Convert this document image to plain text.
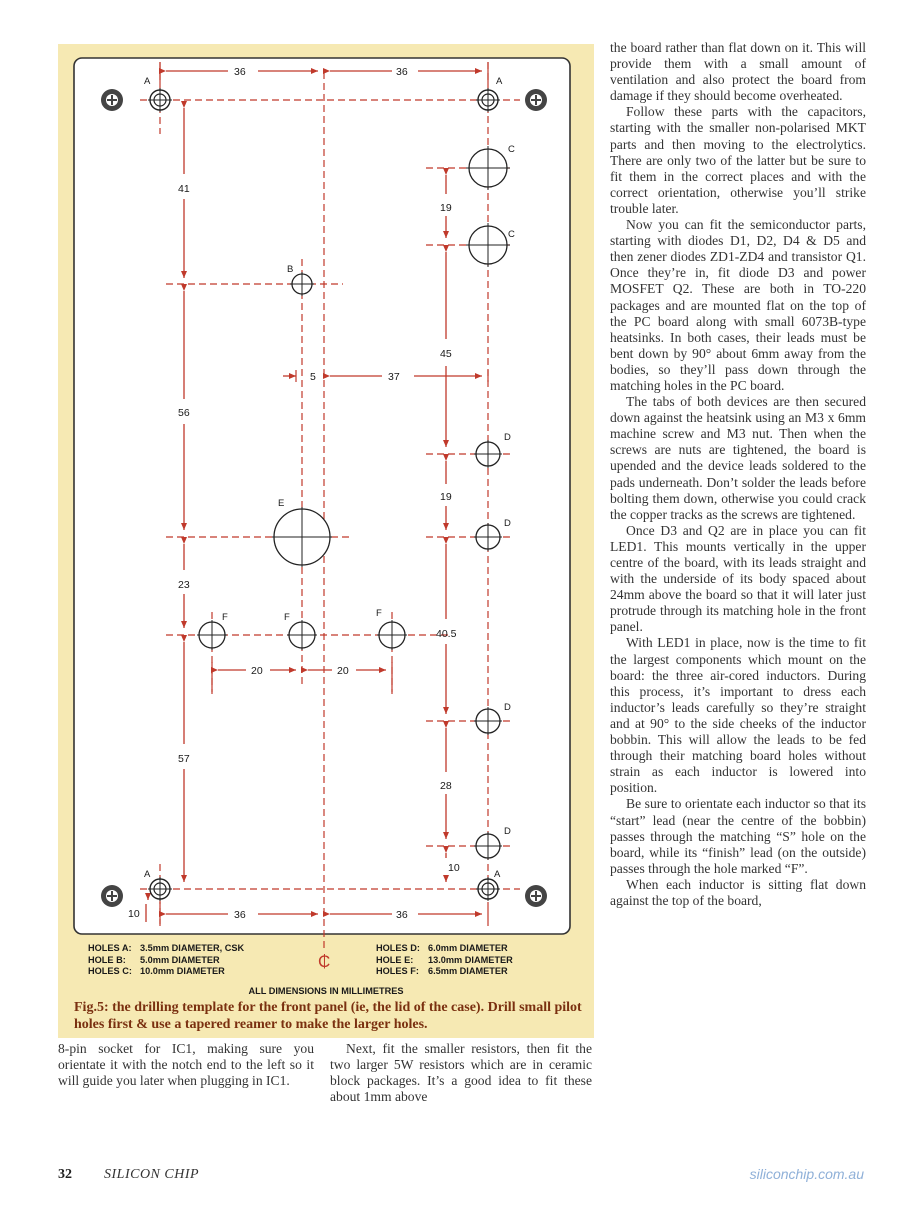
36	36
41
19
45
5	37
56
19
23
40.5
20	20
57
28
10
10	36	36
A	A
C
C
B
D
E
D
F	F	F
D
D
A	A
₵
HOLES A: 3.5mm DIAMETER, CSK
HOLE B: 5.0mm DIAMETER
HOLES C: 10.0mm DIAMETER
HOLES D: 6.0mm DIAMETER
HOLE E: 13.0mm DIAMETER
HOLES F: 6.5mm DIAMETER
ALL DIMENSIONS IN MILLIMETRES
Fig.5: the drilling template for the front panel (ie, the lid of the case). Drill small pilot holes first & use a tapered reamer to make the larger holes.

8-pin socket for IC1, making sure you orientate it with the notch end to the left so it will guide you later when plugging in IC1.

Next, fit the smaller resistors, then fit the two larger 5W resistors which are in ceramic block packages. It’s a good idea to fit these about 1mm above

the board rather than flat down on it. This will provide them with a small amount of ventilation and also protect the board from damage if they should become overheated.

Follow these parts with the capacitors, starting with the smaller non-polarised MKT parts and then moving to the electrolytics. There are only two of the latter but be sure to fit them in the correct places and with the correct orientation, otherwise you’ll strike trouble later.

Now you can fit the semiconductor parts, starting with diodes D1, D2, D4 & D5 and then zener diodes ZD1-ZD4 and transistor Q1. Once they’re in, fit diode D3 and power MOSFET Q2. These are both in TO-220 packages and are mounted flat on the top of the PC board along with small 6073B-type heatsinks. In both cases, their leads must be bent down by 90° about 6mm away from the bodies, so they’ll pass down through the matching holes in the PC board.

The tabs of both devices are then secured down against the heatsink using an M3 x 6mm machine screw and M3 nut. Then when the screws are nuts are tightened, the board is upended and the device leads soldered to the pads underneath. Don’t solder the leads before bolting them down, otherwise you could crack the copper tracks as the screws are tightened.

Once D3 and Q2 are in place you can fit LED1. This mounts vertically in the upper centre of the board, with its leads straight and with the underside of its body spaced about 24mm above the board so that it will later just protrude through its matching hole in the front panel.

With LED1 in place, now is the time to fit the largest components which mount on the board: the three air-cored inductors. During this process, it’s important to dress each inductor’s leads carefully so they’re straight and at 90° to the side cheeks of the inductor bobbin. This will allow the leads to be fed through their matching board holes without strain as each inductor is lowered into position.

Be sure to orientate each inductor so that its “start” lead (near the centre of the bobbin) passes through the matching “S” hole on the board, while its “finish” lead (on the outside) passes through the hole marked “F”.

When each inductor is sitting flat down against the top of the board,

32 SILICON CHIP	siliconchip.com.au
